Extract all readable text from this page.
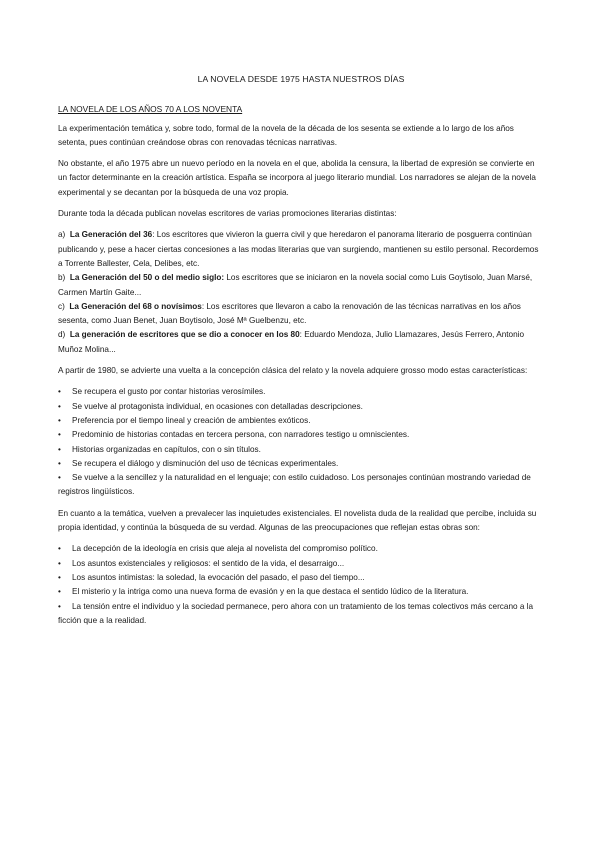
LA NOVELA DESDE 1975 HASTA NUESTROS DÍAS
LA NOVELA DE LOS AÑOS 70 A LOS NOVENTA

La experimentación temática y, sobre todo, formal de la novela de la década de los sesenta se extiende a lo largo de los años setenta, pues continúan creándose obras con renovadas técnicas narrativas.

No obstante, el año 1975 abre un nuevo período en la novela en el que, abolida la censura, la libertad de expresión se convierte en un factor determinante en la creación artística. España se incorpora al juego literario mundial. Los narradores se alejan de la novela experimental y se decantan por la búsqueda de una voz propia.

Durante toda la década publican novelas escritores de varias promociones literarias distintas:

a) La Generación del 36: Los escritores que vivieron la guerra civil y que heredaron el panorama literario de posguerra continúan publicando y, pese a hacer ciertas concesiones a las modas literarias que van surgiendo, mantienen su estilo personal. Recordemos a Torrente Ballester, Cela, Delibes, etc.
b) La Generación del 50 o del medio siglo: Los escritores que se iniciaron en la novela social como Luis Goytisolo, Juan Marsé, Carmen Martín Gaite...
c) La Generación del 68 o novísimos: Los escritores que llevaron a cabo la renovación de las técnicas narrativas en los años sesenta, como Juan Benet, Juan Boytisolo, José Mª Guelbenzu, etc.
d) La generación de escritores que se dio a conocer en los 80: Eduardo Mendoza, Julio Llamazares, Jesús Ferrero, Antonio Muñoz Molina...

A partir de 1980, se advierte una vuelta a la concepción clásica del relato y la novela adquiere grosso modo estas características:

• Se recupera el gusto por contar historias verosímiles.
• Se vuelve al protagonista individual, en ocasiones con detalladas descripciones.
• Preferencia por el tiempo lineal y creación de ambientes exóticos.
• Predominio de historias contadas en tercera persona, con narradores testigo u omniscientes.
• Historias organizadas en capítulos, con o sin títulos.
• Se recupera el diálogo y disminución del uso de técnicas experimentales.
• Se vuelve a la sencillez y la naturalidad en el lenguaje; con estilo cuidadoso. Los personajes continúan mostrando variedad de registros lingüísticos.

En cuanto a la temática, vuelven a prevalecer las inquietudes existenciales. El novelista duda de la realidad que percibe, incluida su propia identidad, y continúa la búsqueda de su verdad. Algunas de las preocupaciones que reflejan estas obras son:

• La decepción de la ideología en crisis que aleja al novelista del compromiso político.
• Los asuntos existenciales y religiosos: el sentido de la vida, el desarraigo...
• Los asuntos intimistas: la soledad, la evocación del pasado, el paso del tiempo...
• El misterio y la intriga como una nueva forma de evasión y en la que destaca el sentido lúdico de la literatura.
• La tensión entre el individuo y la sociedad permanece, pero ahora con un tratamiento de los temas colectivos más cercano a la ficción que a la realidad.
